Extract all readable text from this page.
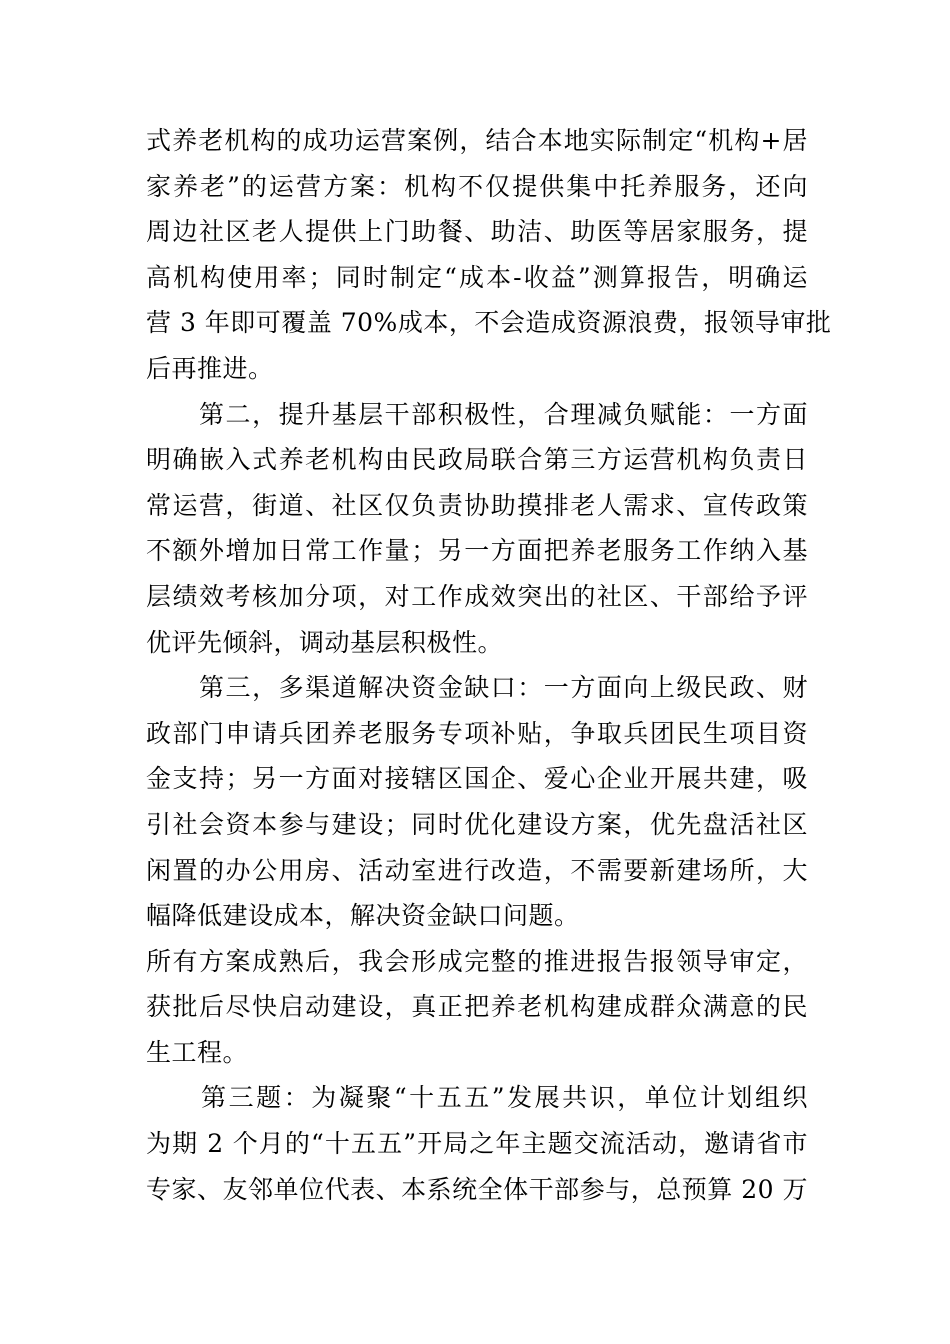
式养老机构的成功运营案例，结合本地实际制定“机构+居
家养老”的运营方案：机构不仅提供集中托养服务，还向
周边社区老人提供上门助餐、助洁、助医等居家服务，提
高机构使用率；同时制定“成本-收益”测算报告，明确运
营 3 年即可覆盖 70%成本，不会造成资源浪费，报领导审批
后再推进。
　　第二，提升基层干部积极性，合理减负赋能：一方面
明确嵌入式养老机构由民政局联合第三方运营机构负责日
常运营，街道、社区仅负责协助摸排老人需求、宣传政策
不额外增加日常工作量；另一方面把养老服务工作纳入基
层绩效考核加分项，对工作成效突出的社区、干部给予评
优评先倾斜，调动基层积极性。
　　第三，多渠道解决资金缺口：一方面向上级民政、财
政部门申请兵团养老服务专项补贴，争取兵团民生项目资
金支持；另一方面对接辖区国企、爱心企业开展共建，吸
引社会资本参与建设；同时优化建设方案，优先盘活社区
闲置的办公用房、活动室进行改造，不需要新建场所，大
幅降低建设成本，解决资金缺口问题。
所有方案成熟后，我会形成完整的推进报告报领导审定，
获批后尽快启动建设，真正把养老机构建成群众满意的民
生工程。
　　第三题：为凝聚“十五五”发展共识，单位计划组织
为期 2 个月的“十五五”开局之年主题交流活动，邀请省市
专家、友邻单位代表、本系统全体干部参与，总预算 20 万
